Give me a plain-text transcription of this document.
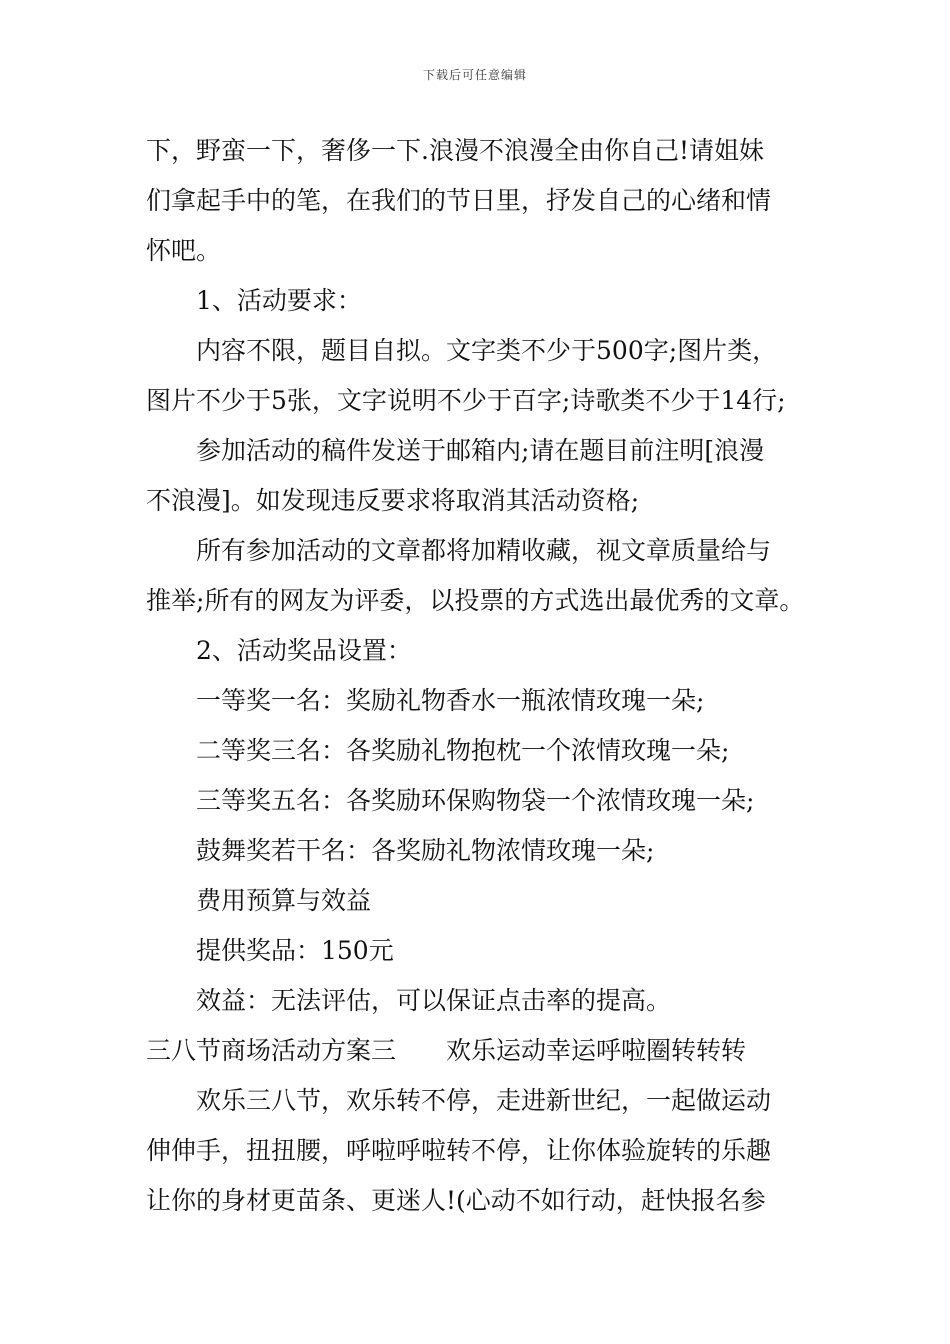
下载后可任意编辑
下，野蛮一下，奢侈一下.浪漫不浪漫全由你自己!请姐妹
们拿起手中的笔，在我们的节日里，抒发自己的心绪和情
怀吧。
1、活动要求：
内容不限，题目自拟。文字类不少于500字;图片类，
图片不少于5张，文字说明不少于百字;诗歌类不少于14行;
参加活动的稿件发送于邮箱内;请在题目前注明[浪漫
不浪漫]。如发现违反要求将取消其活动资格;
所有参加活动的文章都将加精收藏，视文章质量给与
推举;所有的网友为评委，以投票的方式选出最优秀的文章。
2、活动奖品设置：
一等奖一名：奖励礼物香水一瓶浓情玫瑰一朵;
二等奖三名：各奖励礼物抱枕一个浓情玫瑰一朵;
三等奖五名：各奖励环保购物袋一个浓情玫瑰一朵;
鼓舞奖若干名：各奖励礼物浓情玫瑰一朵;
费用预算与效益
提供奖品：150元
效益：无法评估，可以保证点击率的提高。
三八节商场活动方案三 欢乐运动幸运呼啦圈转转转
欢乐三八节，欢乐转不停，走进新世纪，一起做运动
伸伸手，扭扭腰，呼啦呼啦转不停，让你体验旋转的乐趣
让你的身材更苗条、更迷人!(心动不如行动，赶快报名参
